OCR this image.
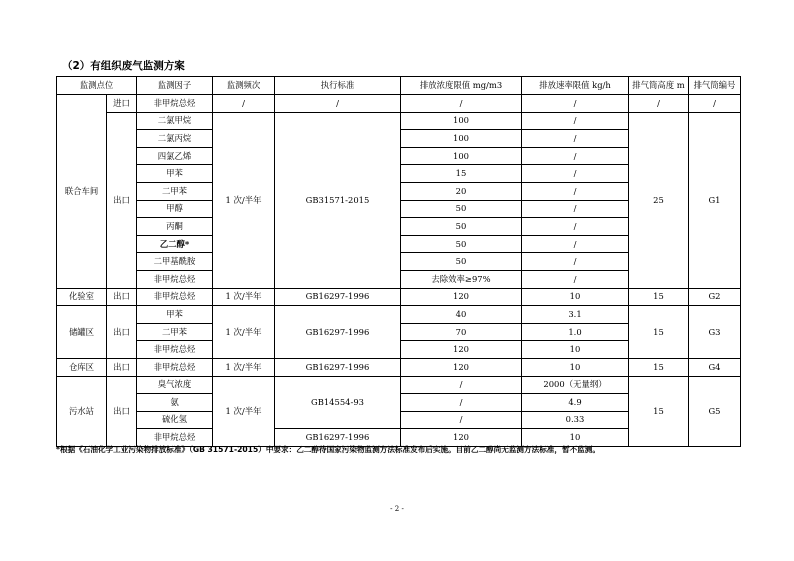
（2）有组织废气监测方案
监测点位		监测因子	监测频次	执行标准	排放浓度限值 mg/m3	排放速率限值 kg/h	排气筒高度 m	排气筒编号
联合车间	进口	非甲烷总烃	/	/	/	/	/	/
	出口	二氯甲烷	1 次/半年	GB31571-2015	100	/	25	G1
		二氯丙烷			100	/		
		四氯乙烯			100	/		
		甲苯			15	/		
		二甲苯			20	/		
		甲醇			50	/		
		丙酮			50	/		
		乙二醇*			50	/		
		二甲基酰胺			50	/		
		非甲烷总烃			去除效率≥97%	/		
化验室	出口	非甲烷总烃	1 次/半年	GB16297-1996	120	10	15	G2
储罐区	出口	甲苯	1 次/半年	GB16297-1996	40	3.1	15	G3
		二甲苯			70	1.0		
		非甲烷总烃			120	10		
仓库区	出口	非甲烷总烃	1 次/半年	GB16297-1996	120	10	15	G4
污水站	出口	臭气浓度	1 次/半年	GB14554-93	/	2000（无量纲）	15	G5
		氨			/	4.9		
		硫化氢			/	0.33		
		非甲烷总烃		GB16297-1996	120	10		
*根据《石油化学工业污染物排放标准》（GB 31571-2015）中要求：乙二醇待国家污染物监测方法标准发布后实施。目前乙二醇尚无监测方法标准，暂不监测。
- 2 -
